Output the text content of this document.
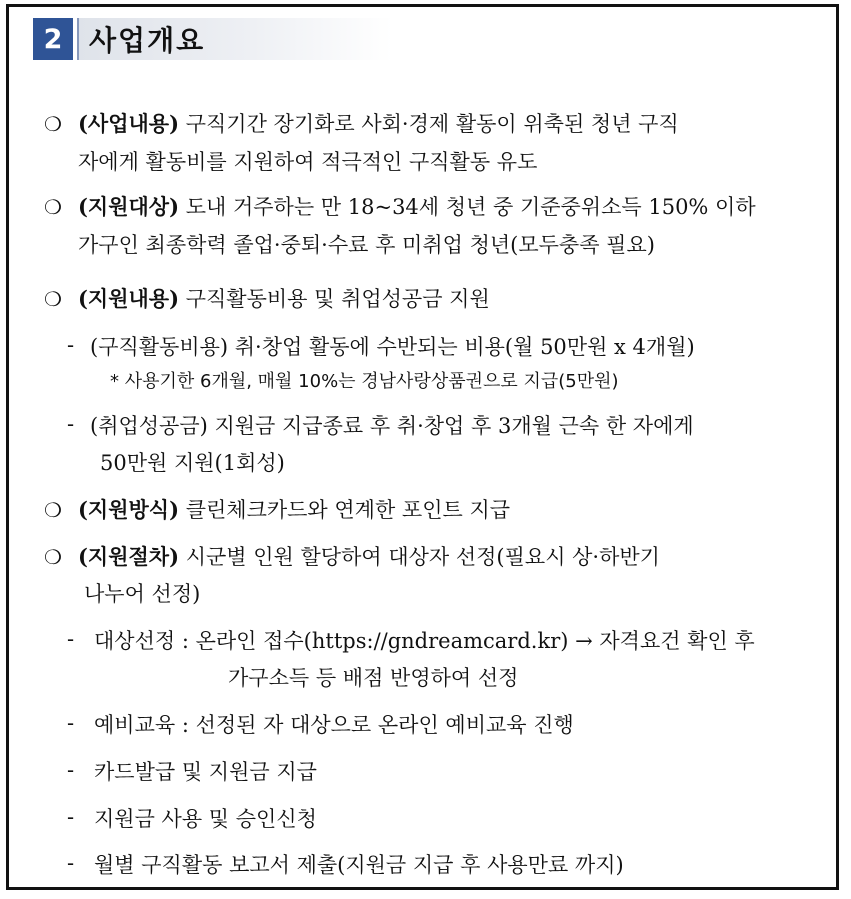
2 사업개요
❍ (사업내용) 구직기간 장기화로 사회·경제 활동이 위축된 청년 구직
자에게 활동비를 지원하여 적극적인 구직활동 유도
❍ (지원대상) 도내 거주하는 만 18~34세 청년 중 기준중위소득 150% 이하
가구인 최종학력 졸업·중퇴·수료 후 미취업 청년(모두충족 필요)
❍ (지원내용) 구직활동비용 및 취업성공금 지원
- (구직활동비용) 취·창업 활동에 수반되는 비용(월 50만원 x 4개월)
* 사용기한 6개월, 매월 10%는 경남사랑상품권으로 지급(5만원)
- (취업성공금) 지원금 지급종료 후 취·창업 후 3개월 근속 한 자에게
50만원 지원(1회성)
❍ (지원방식) 클린체크카드와 연계한 포인트 지급
❍ (지원절차) 시군별 인원 할당하여 대상자 선정(필요시 상·하반기
나누어 선정)
- 대상선정 : 온라인 접수(https://gndreamcard.kr) → 자격요건 확인 후
가구소득 등 배점 반영하여 선정
- 예비교육 : 선정된 자 대상으로 온라인 예비교육 진행
- 카드발급 및 지원금 지급
- 지원금 사용 및 승인신청
- 월별 구직활동 보고서 제출(지원금 지급 후 사용만료 까지)
